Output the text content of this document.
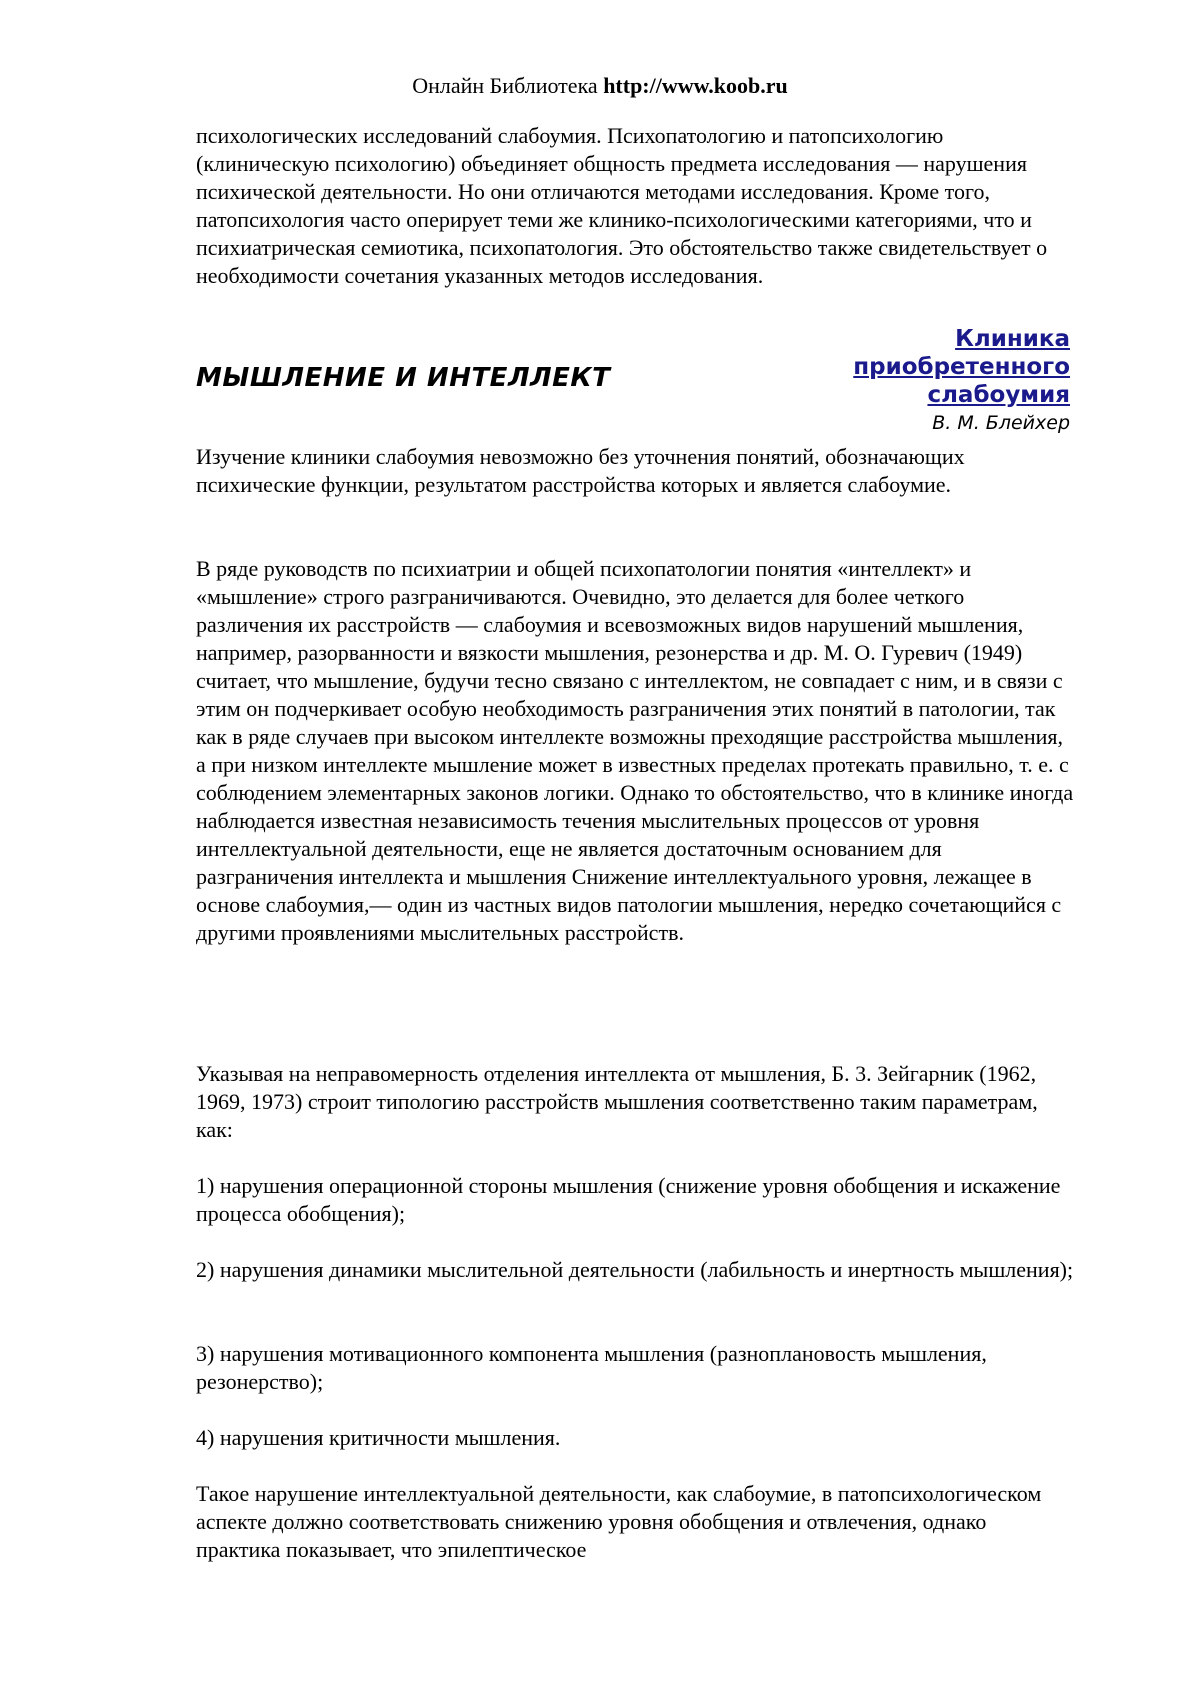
Онлайн Библиотека http://www.koob.ru

психологических исследований слабоумия. Психопатологию и патопсихологию (клиническую психологию) объединяет общность предмета исследования — нарушения психической деятельности. Но они отличаются методами исследования. Кроме того, патопсихология часто оперирует теми же клинико-психологическими категориями, что и психиатрическая семиотика, психопатология. Это обстоятельство также свидетельствует о необходимости сочетания указанных методов исследования.

МЫШЛЕНИЕ И ИНТЕЛЛЕКТ
Клиника
приобретенного
слабоумия
В. М. Блейхер

Изучение клиники слабоумия невозможно без уточнения понятий, обозначающих психические функции, результатом расстройства которых и является слабоумие.

В ряде руководств по психиатрии и общей психопатологии понятия «интеллект» и «мышление» строго разграничиваются. Очевидно, это делается для более четкого различения их расстройств — слабоумия и всевозможных видов нарушений мышления, например, разорванности и вязкости мышления, резонерства и др. М. О. Гуревич (1949) считает, что мышление, будучи тесно связано с интеллектом, не совпадает с ним, и в связи с этим он подчеркивает особую необходимость разграничения этих понятий в патологии, так как в ряде случаев при высоком интеллекте возможны преходящие расстройства мышления, а при низком интеллекте мышление может в известных пределах протекать правильно, т. е. с соблюдением элементарных законов логики. Однако то обстоятельство, что в клинике иногда наблюдается известная независимость течения мыслительных процессов от уровня интеллектуальной деятельности, еще не является достаточным основанием для разграничения интеллекта и мышления Снижение интеллектуального уровня, лежащее в основе слабоумия,— один из частных видов патологии мышления, нередко сочетающийся с другими проявлениями мыслительных расстройств.

Указывая на неправомерность отделения интеллекта от мышления, Б. 3. Зейгарник (1962, 1969, 1973) строит типологию расстройств мышления соответственно таким параметрам, как:

1) нарушения операционной стороны мышления (снижение уровня обобщения и искажение процесса обобщения);

2) нарушения динамики мыслительной деятельности (лабильность и инертность мышления);

3) нарушения мотивационного компонента мышления (разноплановость мышления, резонерство);

4) нарушения критичности мышления.

Такое нарушение интеллектуальной деятельности, как слабоумие, в патопсихологическом аспекте должно соответствовать снижению уровня обобщения и отвлечения, однако практика показывает, что эпилептическое
